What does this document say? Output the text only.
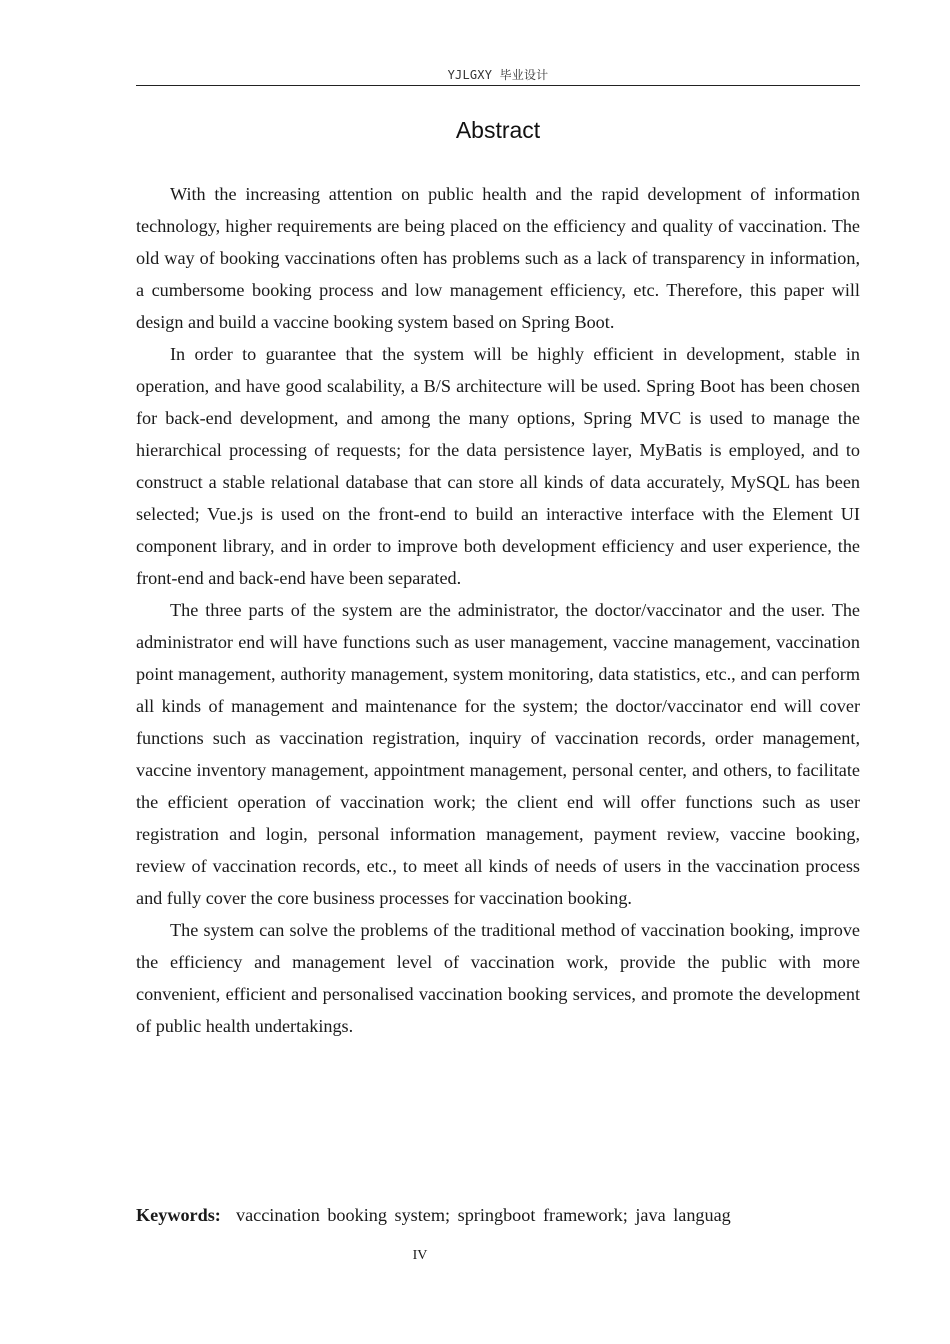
YJLGXY 毕业设计
Abstract

With the increasing attention on public health and the rapid development of information technology, higher requirements are being placed on the efficiency and quality of vaccination. The old way of booking vaccinations often has problems such as a lack of transparency in information, a cumbersome booking process and low management efficiency, etc. Therefore, this paper will design and build a vaccine booking system based on Spring Boot.

In order to guarantee that the system will be highly efficient in development, stable in operation, and have good scalability, a B/S architecture will be used. Spring Boot has been chosen for back-end development, and among the many options, Spring MVC is used to manage the hierarchical processing of requests; for the data persistence layer, MyBatis is employed, and to construct a stable relational database that can store all kinds of data accurately, MySQL has been selected; Vue.js is used on the front-end to build an interactive interface with the Element UI component library, and in order to improve both development efficiency and user experience, the front-end and back-end have been separated.

The three parts of the system are the administrator, the doctor/vaccinator and the user. The administrator end will have functions such as user management, vaccine management, vaccination point management, authority management, system monitoring, data statistics, etc., and can perform all kinds of management and maintenance for the system; the doctor/vaccinator end will cover functions such as vaccination registration, inquiry of vaccination records, order management, vaccine inventory management, appointment management, personal center, and others, to facilitate the efficient operation of vaccination work; the client end will offer functions such as user registration and login, personal information management, payment review, vaccine booking, review of vaccination records, etc., to meet all kinds of needs of users in the vaccination process and fully cover the core business processes for vaccination booking.

The system can solve the problems of the traditional method of vaccination booking, improve the efficiency and management level of vaccination work, provide the public with more convenient, efficient and personalised vaccination booking services, and promote the development of public health undertakings.

Keywords: vaccination booking system; springboot framework; java languag
IV
